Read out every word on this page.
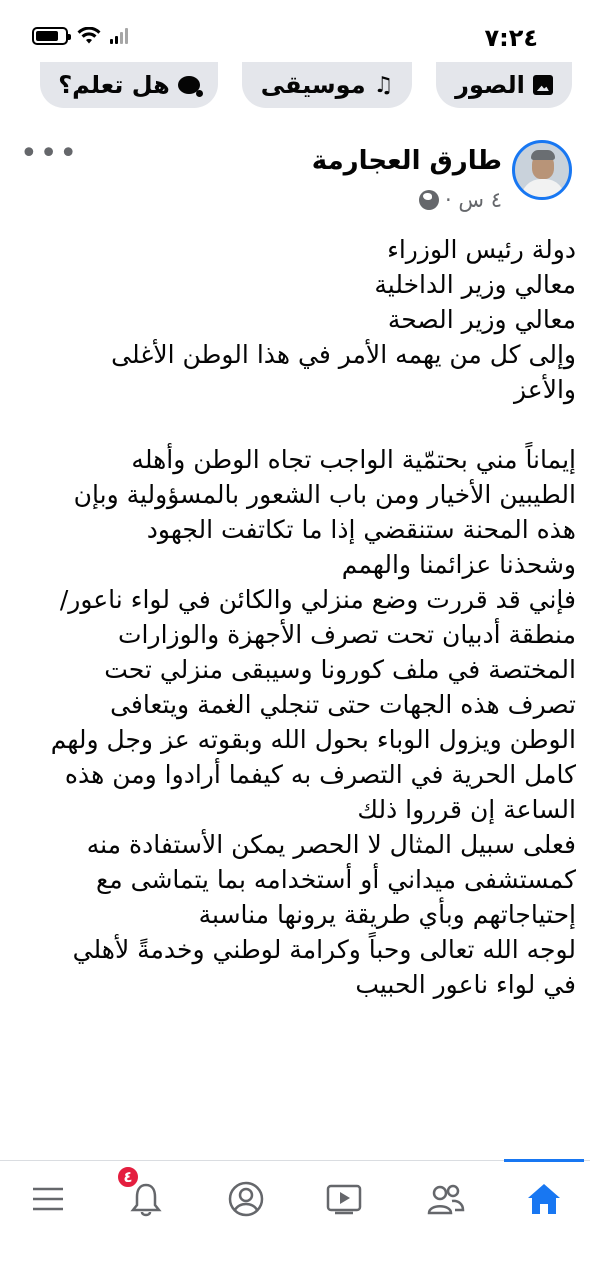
٧:٢٤
الصور
♫
موسيقى
هل تعلم؟
طارق العجارمة
٤ س ·
•••

دولة رئيس الوزراء

معالي وزير الداخلية

معالي وزير الصحة

وإلى كل من يهمه الأمر في هذا الوطن الأغلى

والأعز

إيماناً مني بحتمّية الواجب تجاه الوطن وأهله

الطيبين الأخيار ومن باب الشعور بالمسؤولية وبإن

هذه المحنة ستنقضي إذا ما تكاتفت الجهود

وشحذنا عزائمنا والهمم

فإني قد قررت وضع منزلي والكائن في لواء ناعور/

منطقة أدبيان تحت تصرف الأجهزة والوزارات

المختصة في ملف كورونا وسيبقى منزلي تحت

تصرف هذه الجهات حتى تنجلي الغمة ويتعافى

الوطن ويزول الوباء بحول الله وبقوته عز وجل ولهم

كامل الحرية في التصرف به كيفما أرادوا ومن هذه

الساعة إن قرروا ذلك

فعلى سبيل المثال لا الحصر يمكن الأستفادة منه

كمستشفى ميداني أو أستخدامه بما يتماشى مع

إحتياجاتهم وبأي طريقة يرونها مناسبة

لوجه الله تعالى وحباً وكرامة لوطني وخدمةً لأهلي

في لواء ناعور الحبيب

٤
